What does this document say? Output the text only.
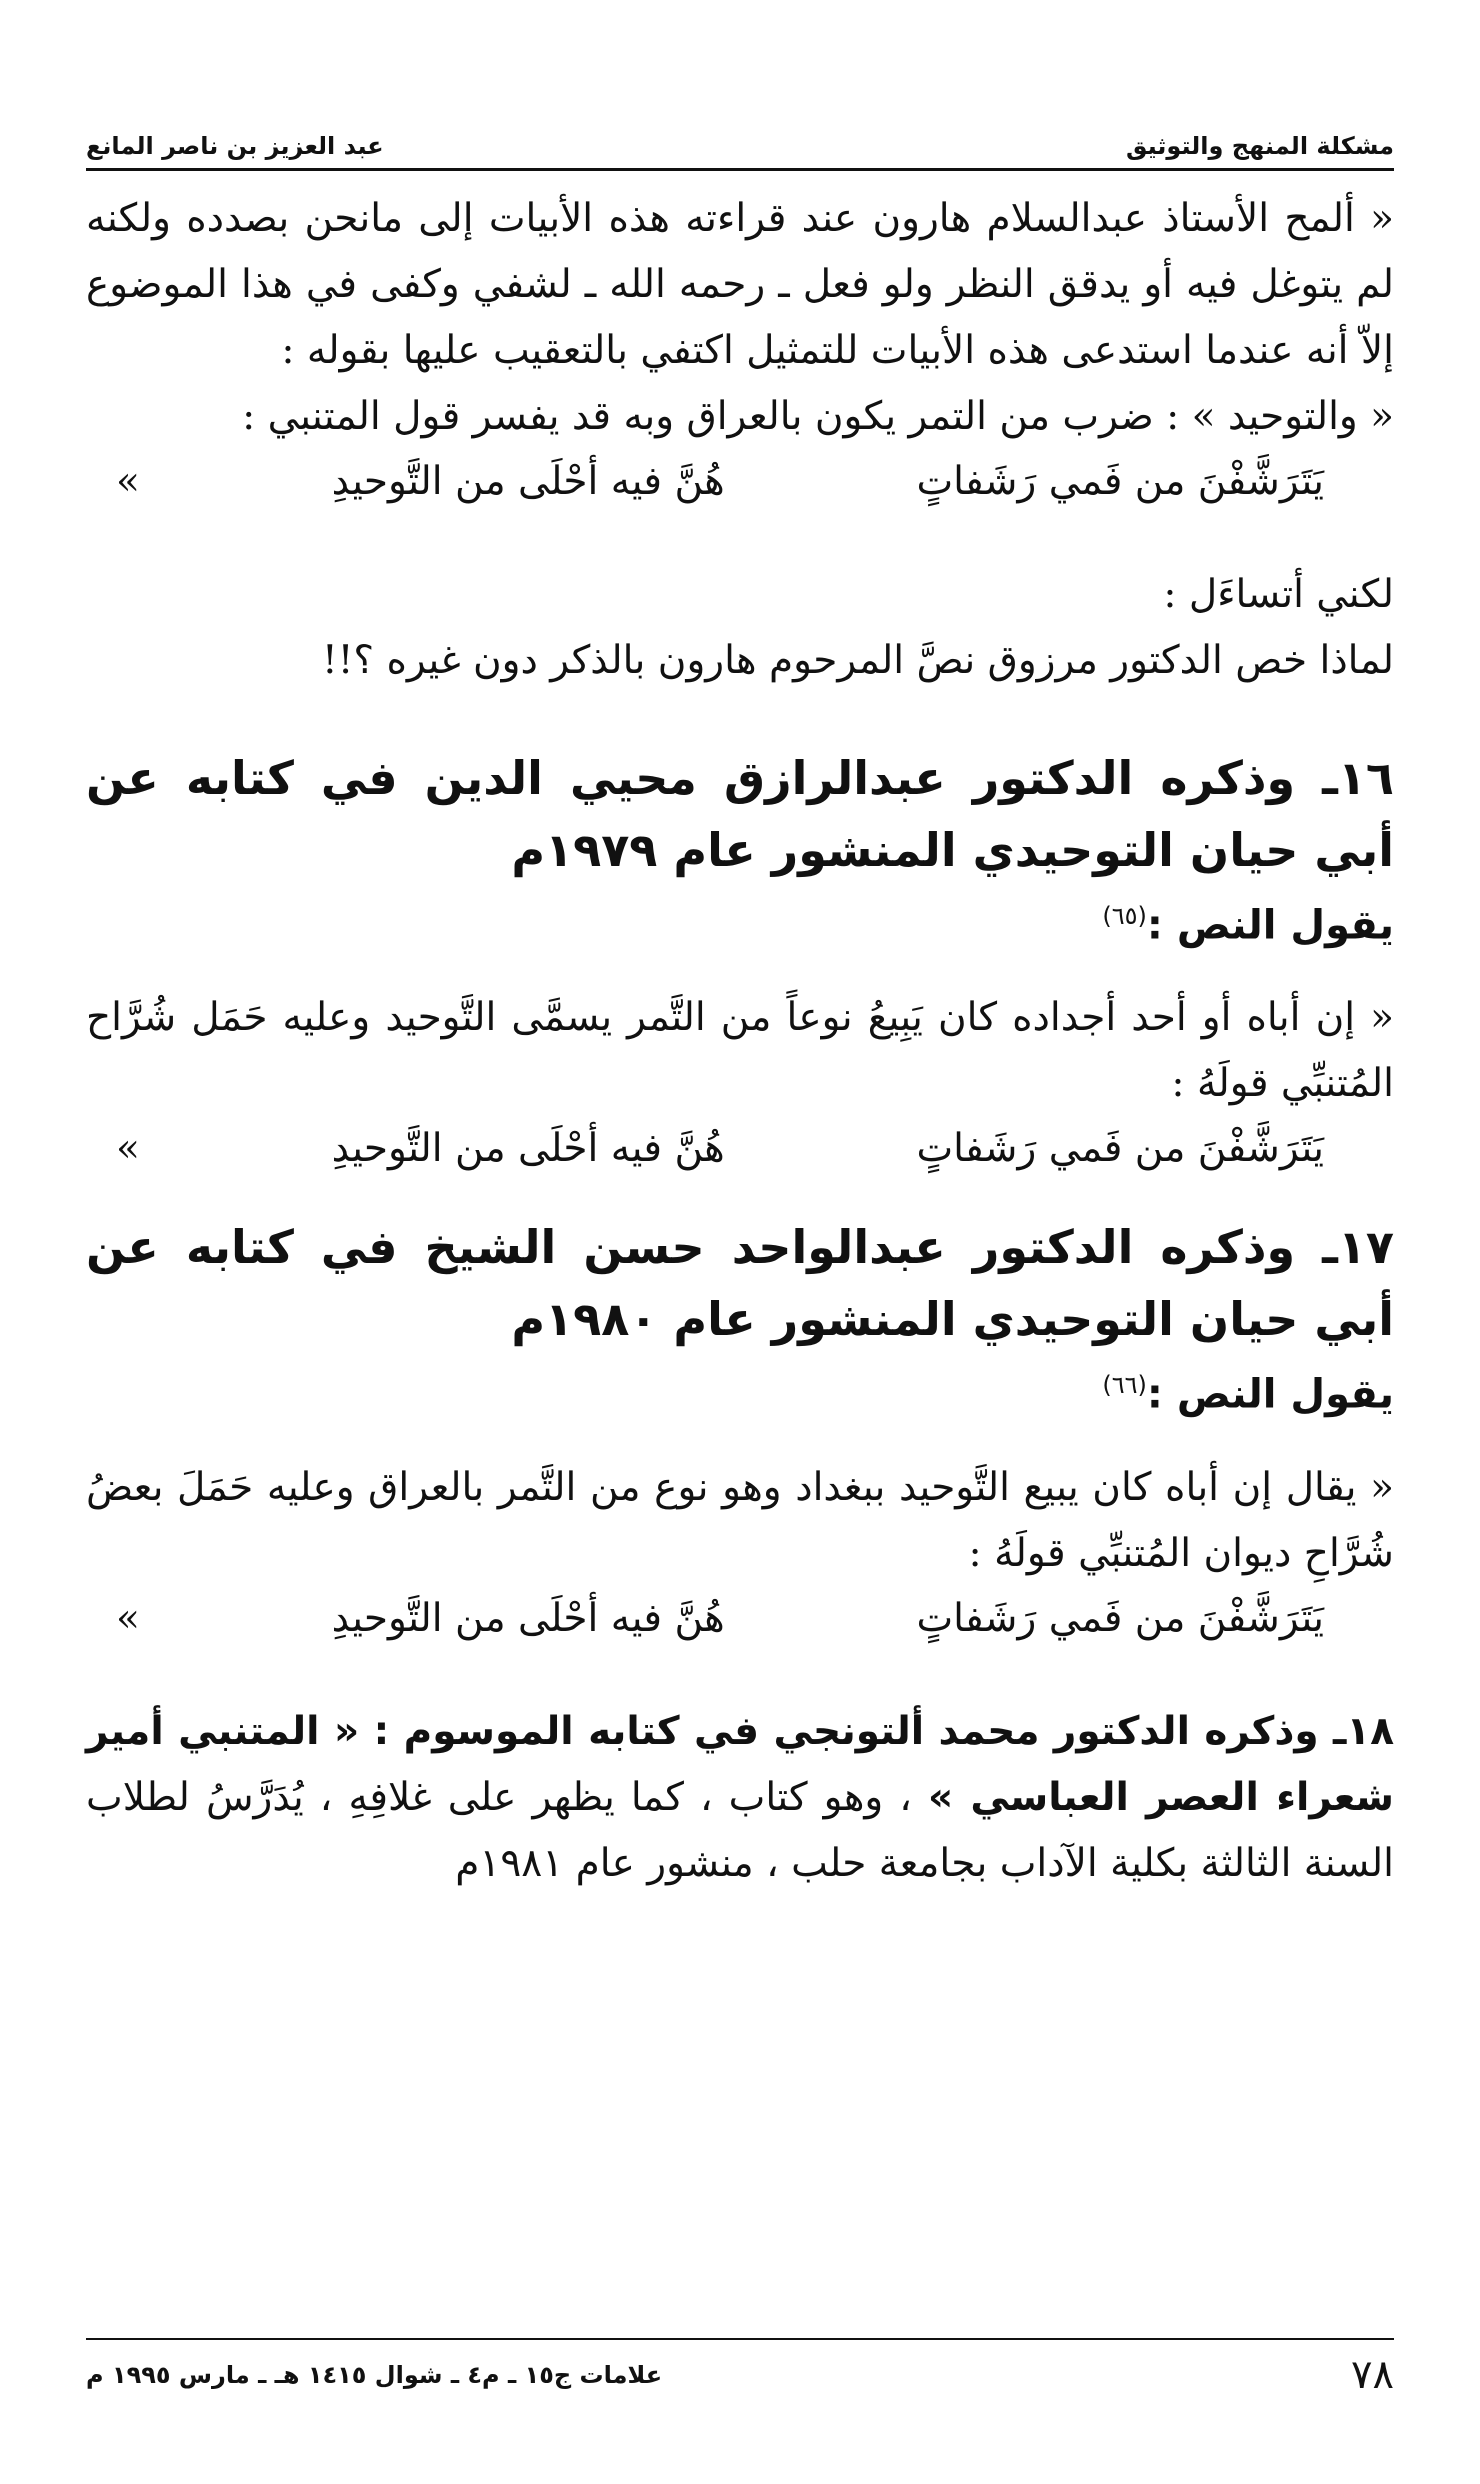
مشكلة المنهج والتوثيق
عبد العزيز بن ناصر المانع

« ألمح الأستاذ عبدالسلام هارون عند قراءته هذه الأبيات إلى مانحن بصدده ولكنه لم يتوغل فيه أو يدقق النظر ولو فعل ـ رحمه الله ـ لشفي وكفى في هذا الموضوع إلاّ أنه عندما استدعى هذه الأبيات للتمثيل اكتفي بالتعقيب عليها بقوله :

« والتوحيد » : ضرب من التمر يكون بالعراق وبه قد يفسر قول المتنبي :

يَتَرَشَّفْنَ من فَمي رَشَفاتٍ
هُنَّ فيه أحْلَى من التَّوحيدِ
»

لكني أتساءَل :

لماذا خص الدكتور مرزوق نصَّ المرحوم هارون بالذكر دون غيره ؟!!

١٦ـ وذكره الدكتور عبدالرازق محيي الدين في كتابه عن أبي حيان التوحيدي المنشور عام ١٩٧٩م

يقول النص :$^{(٦٥)}$

« إن أباه أو أحد أجداده كان يَبِيعُ نوعاً من التَّمر يسمَّى التَّوحيد وعليه حَمَل شُرَّاح المُتنبِّي قولَهُ :

يَتَرَشَّفْنَ من فَمي رَشَفاتٍ
هُنَّ فيه أحْلَى من التَّوحيدِ
»

١٧ـ وذكره الدكتور عبدالواحد حسن الشيخ في كتابه عن أبي حيان التوحيدي المنشور عام ١٩٨٠م

يقول النص :$^{(٦٦)}$

« يقال إن أباه كان يبيع التَّوحيد ببغداد وهو نوع من التَّمر بالعراق وعليه حَمَلَ بعضُ شُرَّاحِ ديوان المُتنبِّي قولَهُ :

يَتَرَشَّفْنَ من فَمي رَشَفاتٍ
هُنَّ فيه أحْلَى من التَّوحيدِ
»

١٨ـ وذكره الدكتور محمد ألتونجي في كتابه الموسوم : « المتنبي أمير شعراء العصر العباسي » ، وهو كتاب ، كما يظهر على غلافِهِ ، يُدَرَّسُ لطلاب السنة الثالثة بكلية الآداب بجامعة حلب ، منشور عام ١٩٨١م

٧٨
علامات ج١٥ ـ م٤ ـ شوال ١٤١٥ هـ ـ مارس ١٩٩٥ م
